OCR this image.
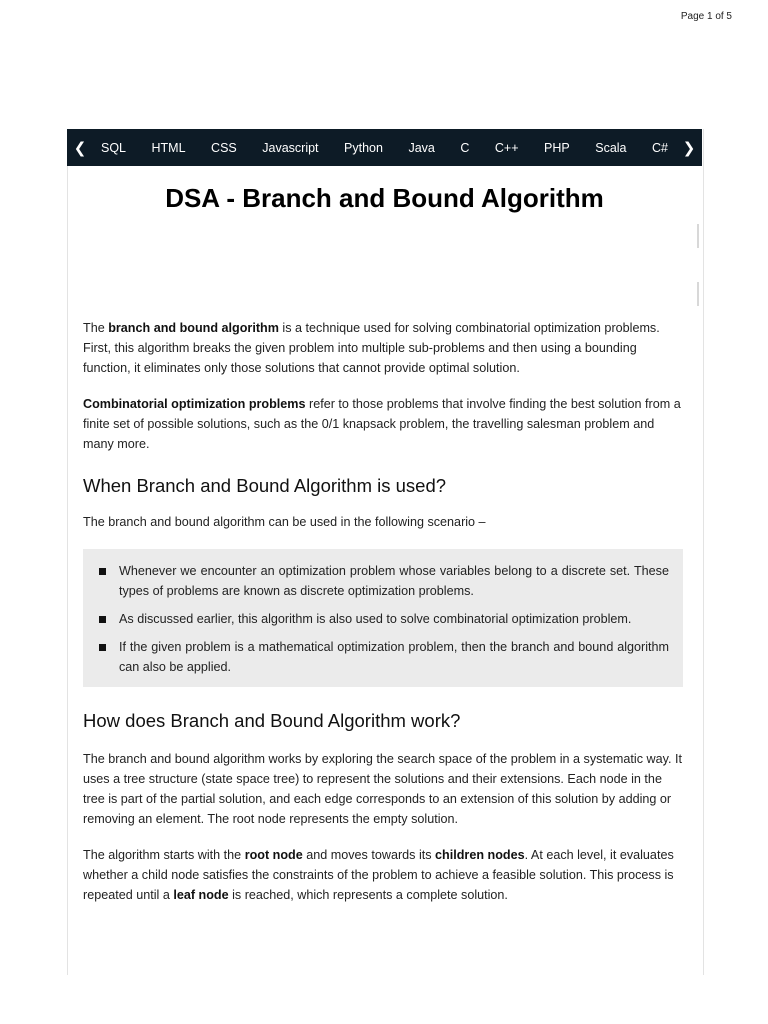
Page 1 of 5
❮	SQL HTML CSS Javascript Python Java C C++ PHP Scala C# ❯
DSA - Branch and Bound Algorithm

The branch and bound algorithm is a technique used for solving combinatorial optimization problems. First, this algorithm breaks the given problem into multiple sub-problems and then using a bounding function, it eliminates only those solutions that cannot provide optimal solution.

Combinatorial optimization problems refer to those problems that involve finding the best solution from a finite set of possible solutions, such as the 0/1 knapsack problem, the travelling salesman problem and many more.

When Branch and Bound Algorithm is used?

The branch and bound algorithm can be used in the following scenario –

Whenever we encounter an optimization problem whose variables belong to a discrete set. These types of problems are known as discrete optimization problems.
As discussed earlier, this algorithm is also used to solve combinatorial optimization problem.
If the given problem is a mathematical optimization problem, then the branch and bound algorithm can also be applied.
How does Branch and Bound Algorithm work?

The branch and bound algorithm works by exploring the search space of the problem in a systematic way. It uses a tree structure (state space tree) to represent the solutions and their extensions. Each node in the tree is part of the partial solution, and each edge corresponds to an extension of this solution by adding or removing an element. The root node represents the empty solution.

The algorithm starts with the root node and moves towards its children nodes. At each level, it evaluates whether a child node satisfies the constraints of the problem to achieve a feasible solution. This process is repeated until a leaf node is reached, which represents a complete solution.
